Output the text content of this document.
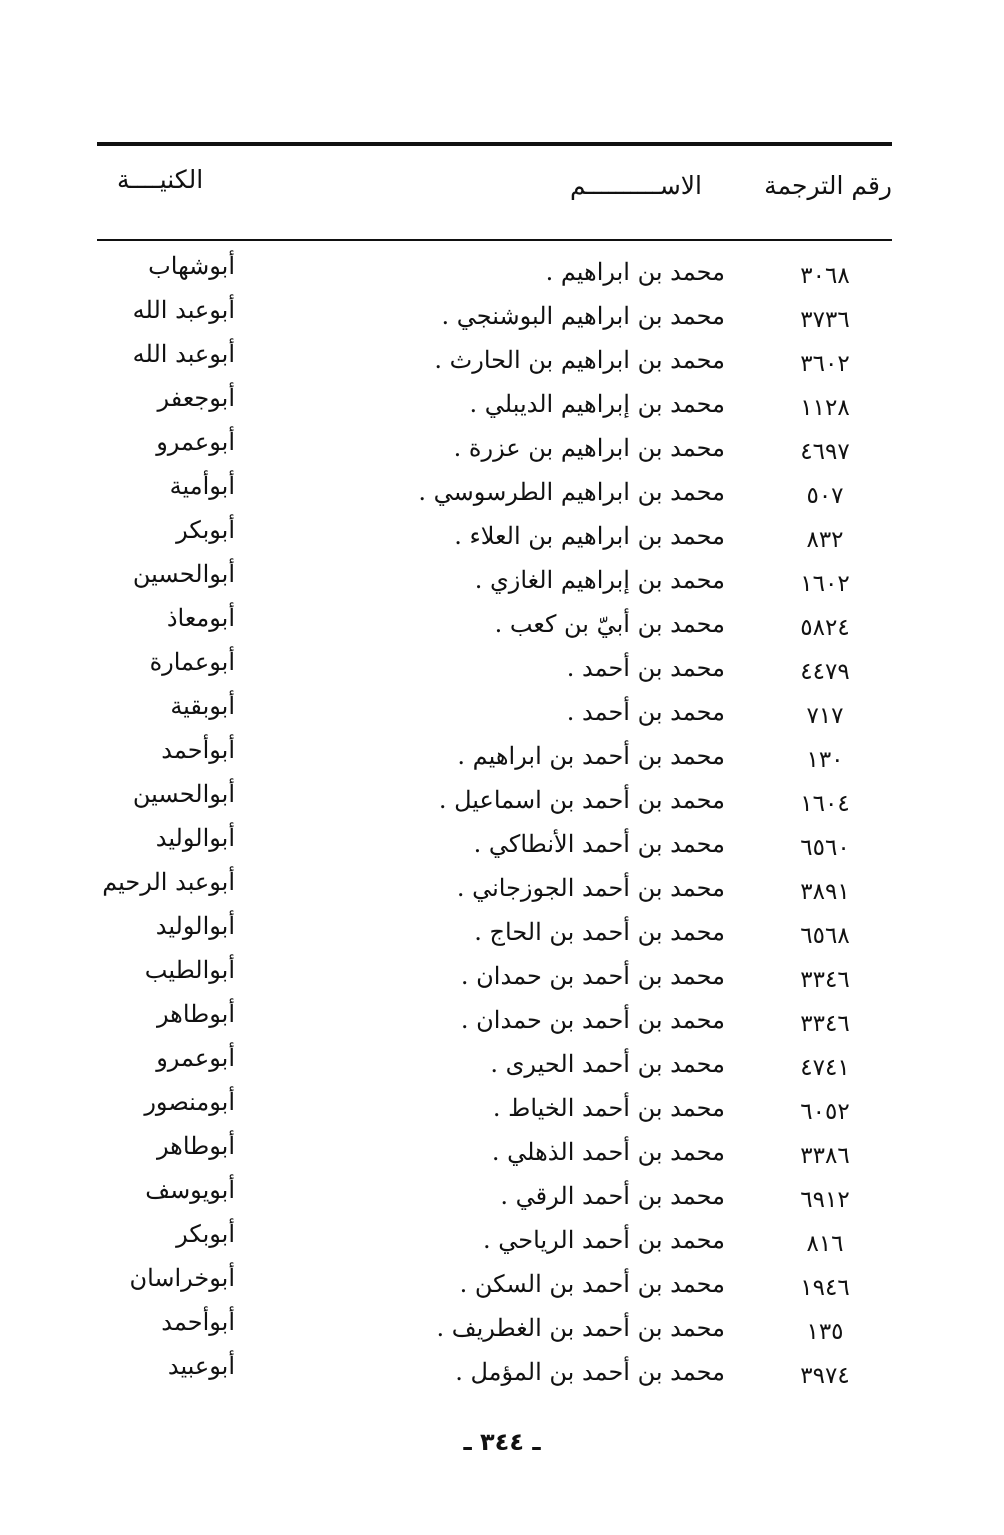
رقم الترجمة
الاســــــــــم
الكنيــــة
٣٠٦٨
محمد بن ابراهيم .
أبوشهاب
٣٧٣٦
محمد بن ابراهيم البوشنجي .
أبوعبد الله
٣٦٠٢
محمد بن ابراهيم بن الحارث .
أبوعبد الله
١١٢٨
محمد بن إبراهيم الديبلي .
أبوجعفر
٤٦٩٧
محمد بن ابراهيم بن عزرة .
أبوعمرو
٥٠٧
محمد بن ابراهيم الطرسوسي .
أبوأمية
٨٣٢
محمد بن ابراهيم بن العلاء .
أبوبكر
١٦٠٢
محمد بن إبراهيم الغازي .
أبوالحسين
٥٨٢٤
محمد بن أبيّ بن كعب .
أبومعاذ
٤٤٧٩
محمد بن أحمد .
أبوعمارة
٧١٧
محمد بن أحمد .
أبوبقية
١٣٠
محمد بن أحمد بن ابراهيم .
أبوأحمد
١٦٠٤
محمد بن أحمد بن اسماعيل .
أبوالحسين
٦٥٦٠
محمد بن أحمد الأنطاكي .
أبوالوليد
٣٨٩١
محمد بن أحمد الجوزجاني .
أبوعبد الرحيم
٦٥٦٨
محمد بن أحمد بن الحاج .
أبوالوليد
٣٣٤٦
محمد بن أحمد بن حمدان .
أبوالطيب
٣٣٤٦
محمد بن أحمد بن حمدان .
أبوطاهر
٤٧٤١
محمد بن أحمد الحيرى .
أبوعمرو
٦٠٥٢
محمد بن أحمد الخياط .
أبومنصور
٣٣٨٦
محمد بن أحمد الذهلي .
أبوطاهر
٦٩١٢
محمد بن أحمد الرقي .
أبويوسف
٨١٦
محمد بن أحمد الرياحي .
أبوبكر
١٩٤٦
محمد بن أحمد بن السكن .
أبوخراسان
١٣٥
محمد بن أحمد بن الغطريف .
أبوأحمد
٣٩٧٤
محمد بن أحمد بن المؤمل .
أبوعبيد
ـ ٣٤٤ ـ
